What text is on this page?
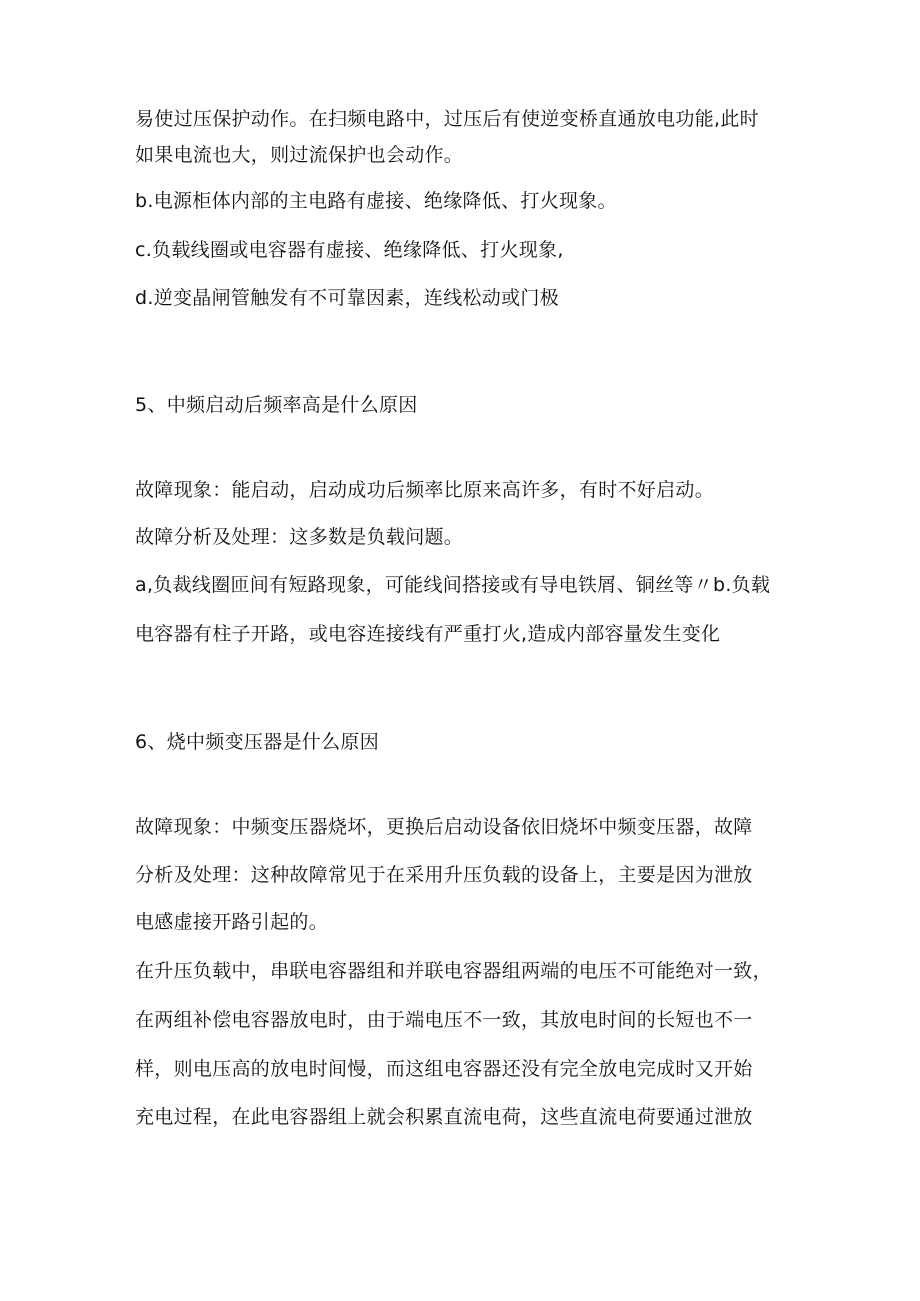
易使过压保护动作。在扫频电路中，过压后有使逆变桥直通放电功能,此时
如果电流也大，则过流保护也会动作。
b.电源柜体内部的主电路有虚接、绝缘降低、打火现象。
c.负载线圈或电容器有虚接、绝缘降低、打火现象,
d.逆变晶闸管触发有不可靠因素，连线松动或门极
5、中频启动后频率高是什么原因
故障现象：能启动，启动成功后频率比原来高许多，有时不好启动。
故障分析及处理：这多数是负载问题。
a,负裁线圈匝间有短路现象，可能线间搭接或有导电铁屑、铜丝等〃b.负载
电容器有柱子开路，或电容连接线有严重打火,造成内部容量发生变化
6、烧中频变压器是什么原因
故障现象：中频变压器烧坏，更换后启动设备依旧烧坏中频变压器，故障
分析及处理：这种故障常见于在采用升压负载的设备上，主要是因为泄放
电感虚接开路引起的。
在升压负载中，串联电容器组和并联电容器组两端的电压不可能绝对一致，
在两组补偿电容器放电时，由于端电压不一致，其放电时间的长短也不一
样，则电压高的放电时间慢，而这组电容器还没有完全放电完成时又开始
充电过程，在此电容器组上就会积累直流电荷，这些直流电荷要通过泄放
